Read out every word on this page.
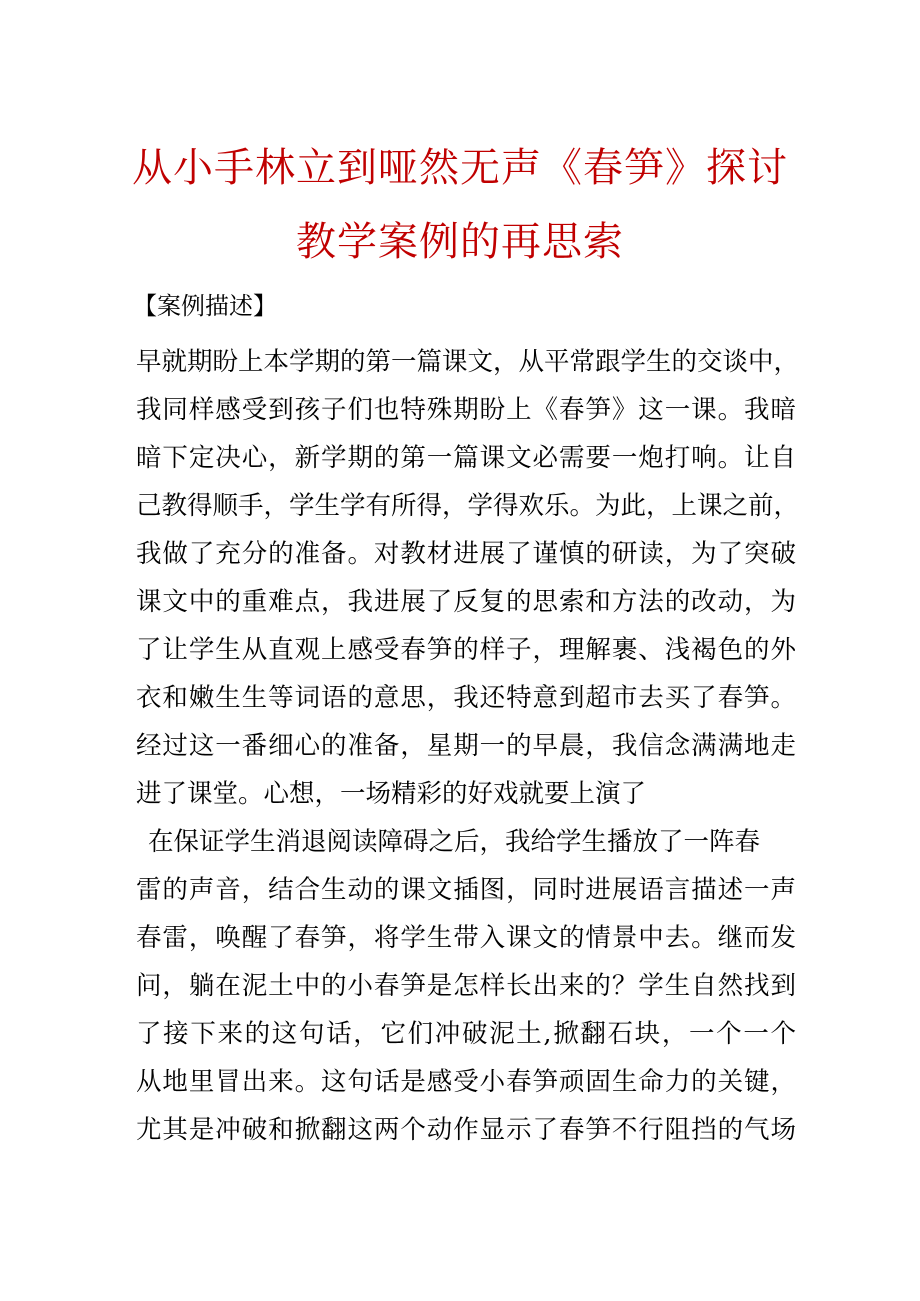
从小手林立到哑然无声《春笋》探讨
教学案例的再思索
【案例描述】
早就期盼上本学期的第一篇课文，从平常跟学生的交谈中，
我同样感受到孩子们也特殊期盼上《春笋》这一课。我暗
暗下定决心，新学期的第一篇课文必需要一炮打响。让自
己教得顺手，学生学有所得，学得欢乐。为此，上课之前，
我做了充分的准备。对教材进展了谨慎的研读，为了突破
课文中的重难点，我进展了反复的思索和方法的改动，为
了让学生从直观上感受春笋的样子，理解裹、浅褐色的外
衣和嫩生生等词语的意思，我还特意到超市去买了春笋。
经过这一番细心的准备，星期一的早晨，我信念满满地走
进了课堂。心想，一场精彩的好戏就要上演了
在保证学生消退阅读障碍之后，我给学生播放了一阵春
雷的声音，结合生动的课文插图，同时进展语言描述一声
春雷，唤醒了春笋，将学生带入课文的情景中去。继而发
问，躺在泥土中的小春笋是怎样长出来的？学生自然找到
了接下来的这句话，它们冲破泥土,掀翻石块，一个一个
从地里冒出来。这句话是感受小春笋顽固生命力的关键，
尤其是冲破和掀翻这两个动作显示了春笋不行阻挡的气场
